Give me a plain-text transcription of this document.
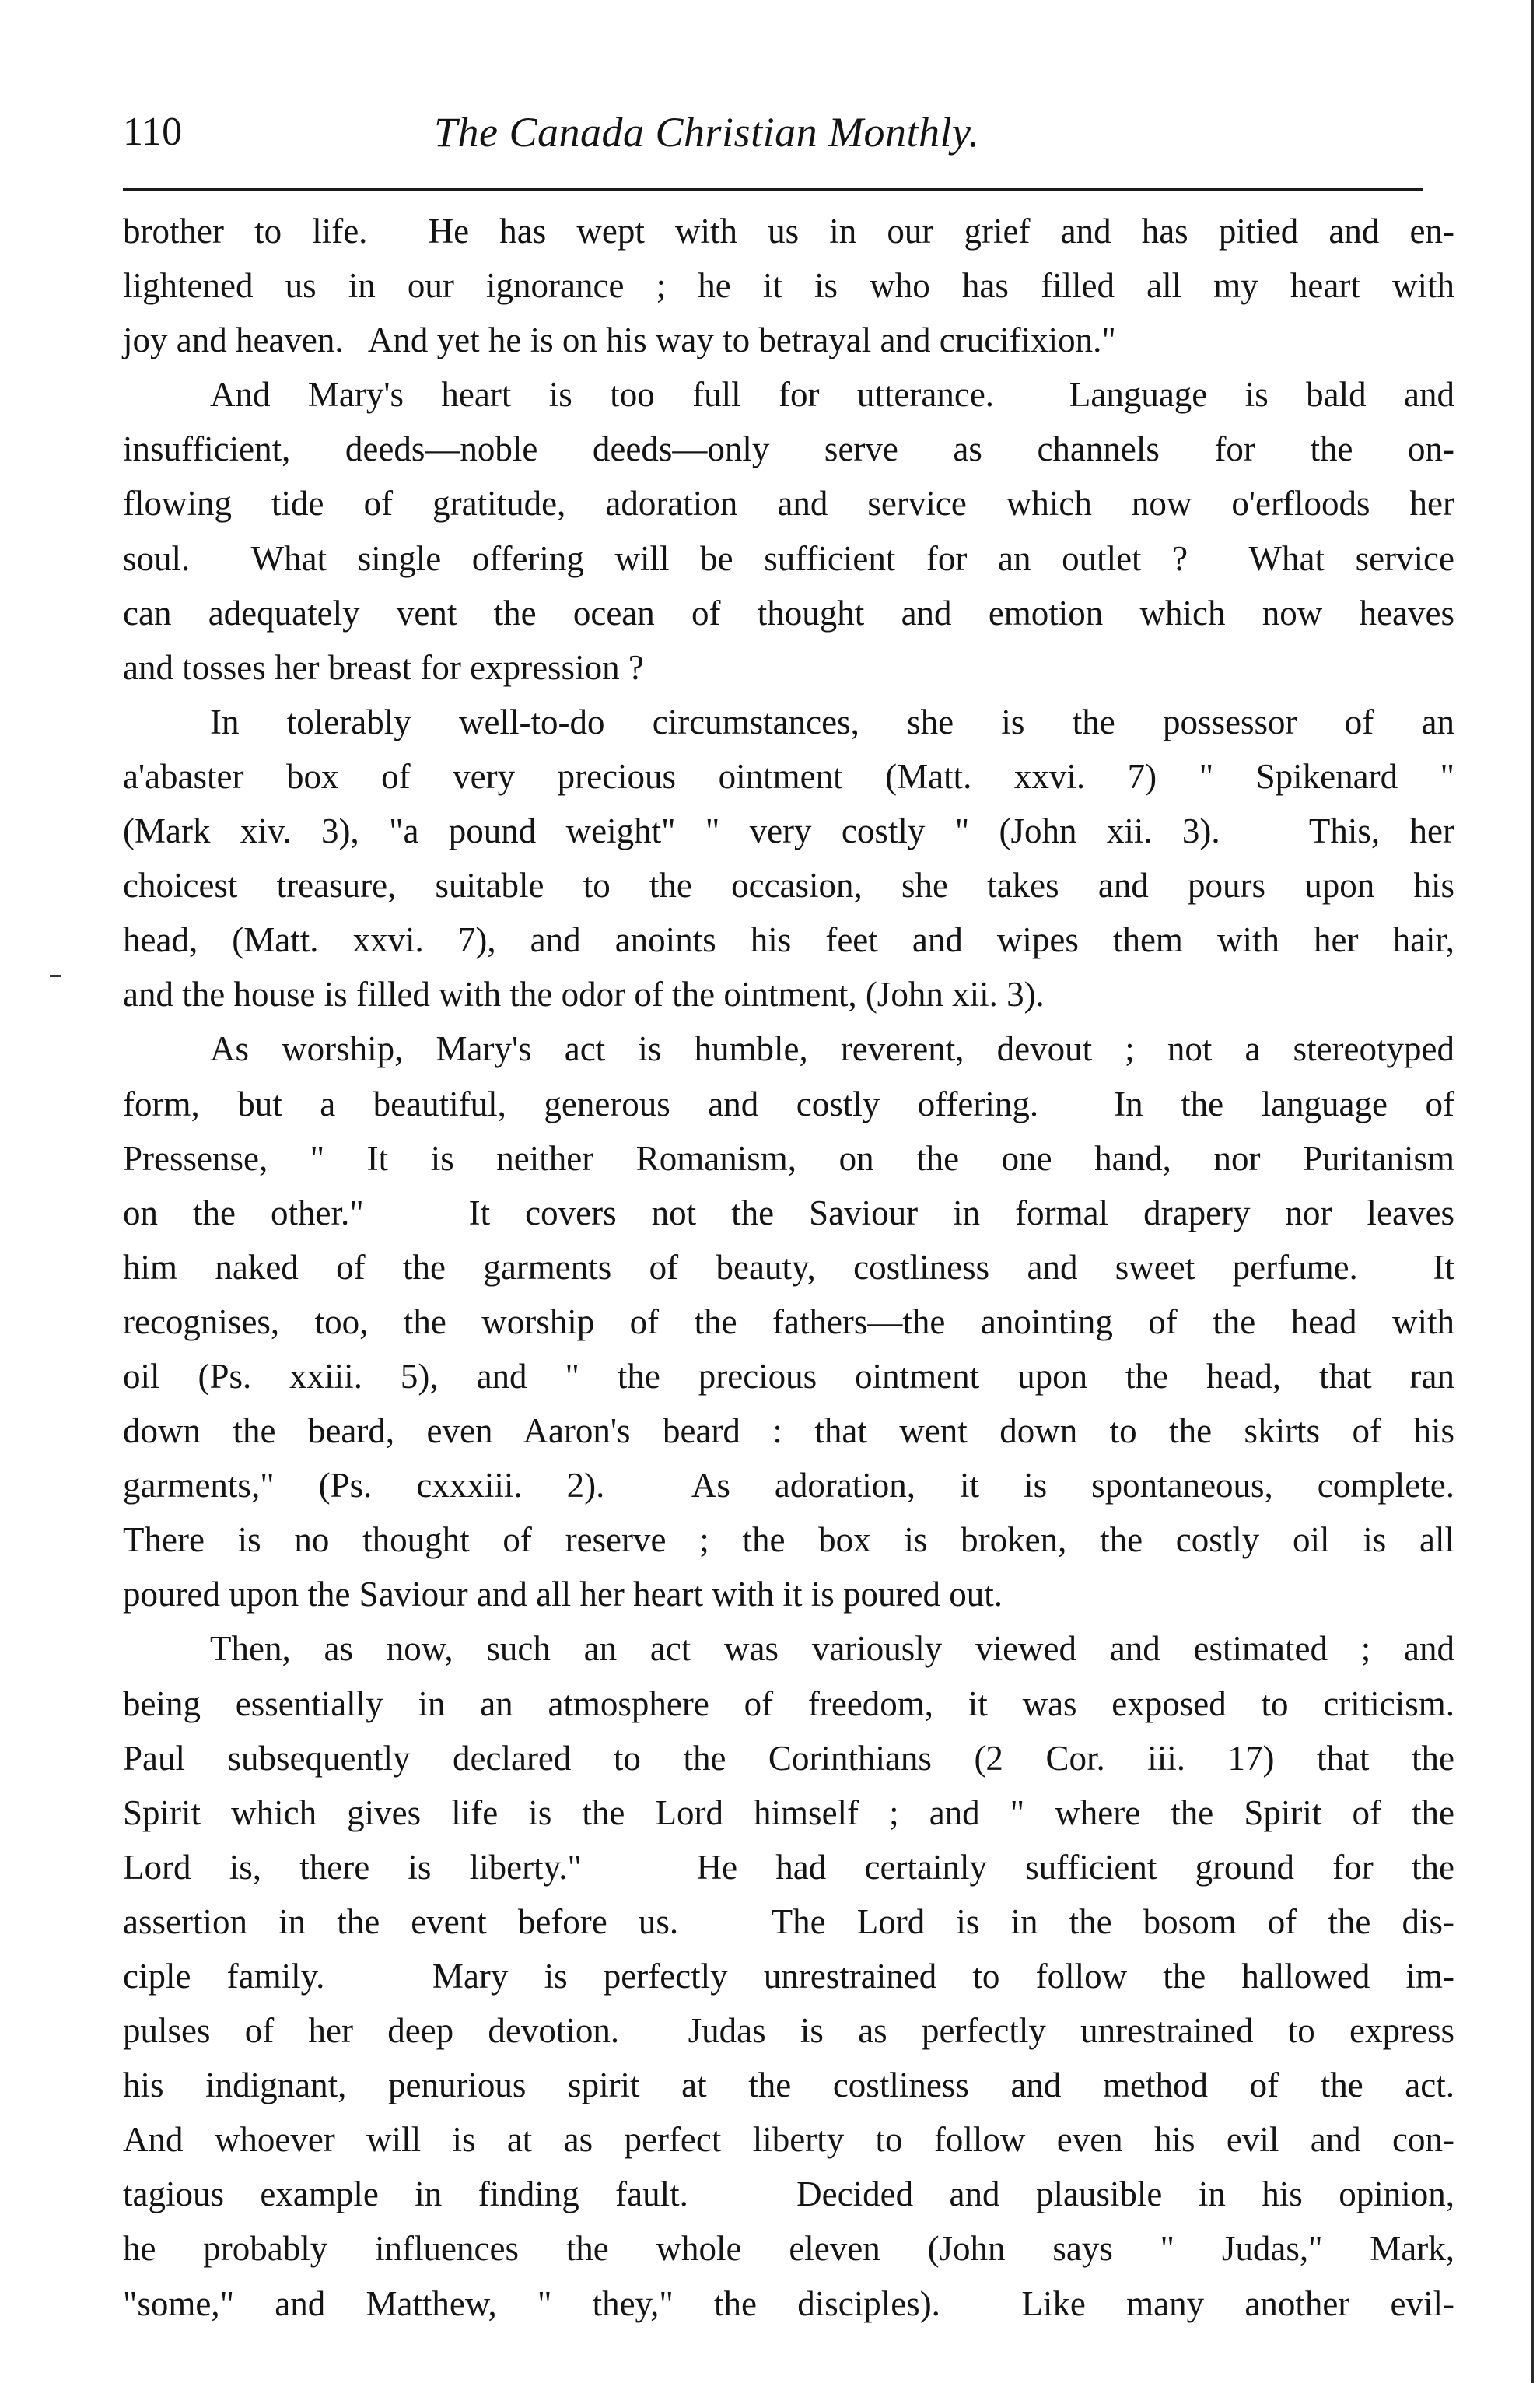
110	The Canada Christian Monthly.
brother to life.  He has wept with us in our grief and has pitied and en-
lightened us in our ignorance ; he it is who has filled all my heart with
joy and heaven.   And yet he is on his way to betrayal and crucifixion."
And Mary's heart is too full for utterance.  Language is bald and
insufficient, deeds—noble deeds—only serve as channels for the on-
flowing tide of gratitude, adoration and service which now o'erfloods her
soul.  What single offering will be sufficient for an outlet ?  What service
can adequately vent the ocean of thought and emotion which now heaves
and tosses her breast for expression ?
In tolerably well-to-do circumstances, she is the possessor of an
a'abaster box of very precious ointment (Matt. xxvi. 7) " Spikenard "
(Mark xiv. 3), "a pound weight" " very costly " (John xii. 3).   This, her
choicest treasure, suitable to the occasion, she takes and pours upon his
head, (Matt. xxvi. 7), and anoints his feet and wipes them with her hair,
and the house is filled with the odor of the ointment, (John xii. 3).
As worship, Mary's act is humble, reverent, devout ; not a stereotyped
form, but a beautiful, generous and costly offering.  In the language of
Pressense, " It is neither Romanism, on the one hand, nor Puritanism
on the other."   It covers not the Saviour in formal drapery nor leaves
him naked of the garments of beauty, costliness and sweet perfume.  It
recognises, too, the worship of the fathers—the anointing of the head with
oil (Ps. xxiii. 5), and " the precious ointment upon the head, that ran
down the beard, even Aaron's beard : that went down to the skirts of his
garments," (Ps. cxxxiii. 2).  As adoration, it is spontaneous, complete.
There is no thought of reserve ; the box is broken, the costly oil is all
poured upon the Saviour and all her heart with it is poured out.
Then, as now, such an act was variously viewed and estimated ; and
being essentially in an atmosphere of freedom, it was exposed to criticism.
Paul subsequently declared to the Corinthians (2 Cor. iii. 17) that the
Spirit which gives life is the Lord himself ; and " where the Spirit of the
Lord is, there is liberty."   He had certainly sufficient ground for the
assertion in the event before us.   The Lord is in the bosom of the dis-
ciple family.   Mary is perfectly unrestrained to follow the hallowed im-
pulses of her deep devotion.  Judas is as perfectly unrestrained to express
his indignant, penurious spirit at the costliness and method of the act.
And whoever will is at as perfect liberty to follow even his evil and con-
tagious example in finding fault.   Decided and plausible in his opinion,
he probably influences the whole eleven (John says " Judas," Mark,
"some," and Matthew, " they," the disciples).  Like many another evil-
